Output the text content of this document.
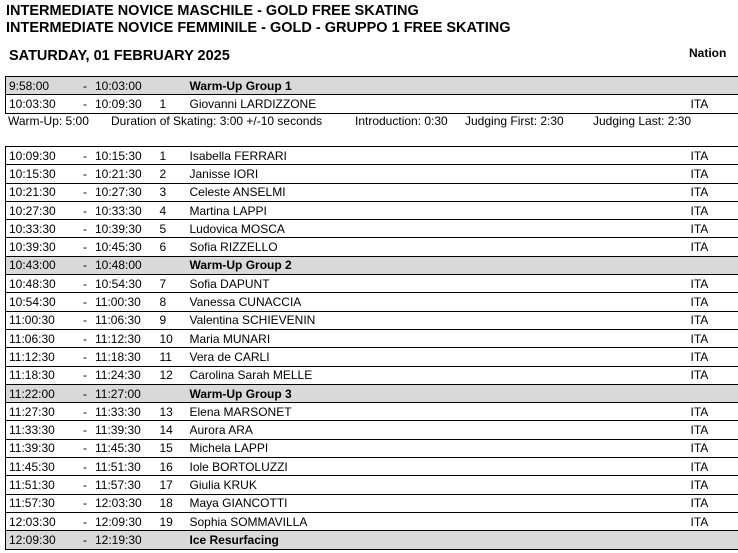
INTERMEDIATE NOVICE MASCHILE - GOLD FREE SKATING
INTERMEDIATE NOVICE FEMMINILE - GOLD - GRUPPO 1 FREE SKATING
SATURDAY, 01 FEBRUARY 2025	Nation
9:58:00 - 10:03:00		Warm-Up Group 1	
10:03:30 - 10:09:30	1	Giovanni LARDIZZONE	ITA
Warm-Up: 5:00 Duration of Skating: 3:00 +/-10 seconds	Introduction: 0:30 Judging First: 2:30 Judging Last: 2:30
10:09:30 - 10:15:30	1	Isabella FERRARI	ITA
10:15:30 - 10:21:30	2	Janisse IORI	ITA
10:21:30 - 10:27:30	3	Celeste ANSELMI	ITA
10:27:30 - 10:33:30	4	Martina LAPPI	ITA
10:33:30 - 10:39:30	5	Ludovica MOSCA	ITA
10:39:30 - 10:45:30	6	Sofia RIZZELLO	ITA
10:43:00 - 10:48:00		Warm-Up Group 2	
10:48:30 - 10:54:30	7	Sofia DAPUNT	ITA
10:54:30 - 11:00:30	8	Vanessa CUNACCIA	ITA
11:00:30 - 11:06:30	9	Valentina SCHIEVENIN	ITA
11:06:30 - 11:12:30	10	Maria MUNARI	ITA
11:12:30 - 11:18:30	11	Vera de CARLI	ITA
11:18:30 - 11:24:30	12	Carolina Sarah MELLE	ITA
11:22:00 - 11:27:00		Warm-Up Group 3	
11:27:30 - 11:33:30	13	Elena MARSONET	ITA
11:33:30 - 11:39:30	14	Aurora ARA	ITA
11:39:30 - 11:45:30	15	Michela LAPPI	ITA
11:45:30 - 11:51:30	16	Iole BORTOLUZZI	ITA
11:51:30 - 11:57:30	17	Giulia KRUK	ITA
11:57:30 - 12:03:30	18	Maya GIANCOTTI	ITA
12:03:30 - 12:09:30	19	Sophia SOMMAVILLA	ITA
12:09:30 - 12:19:30		Ice Resurfacing	
